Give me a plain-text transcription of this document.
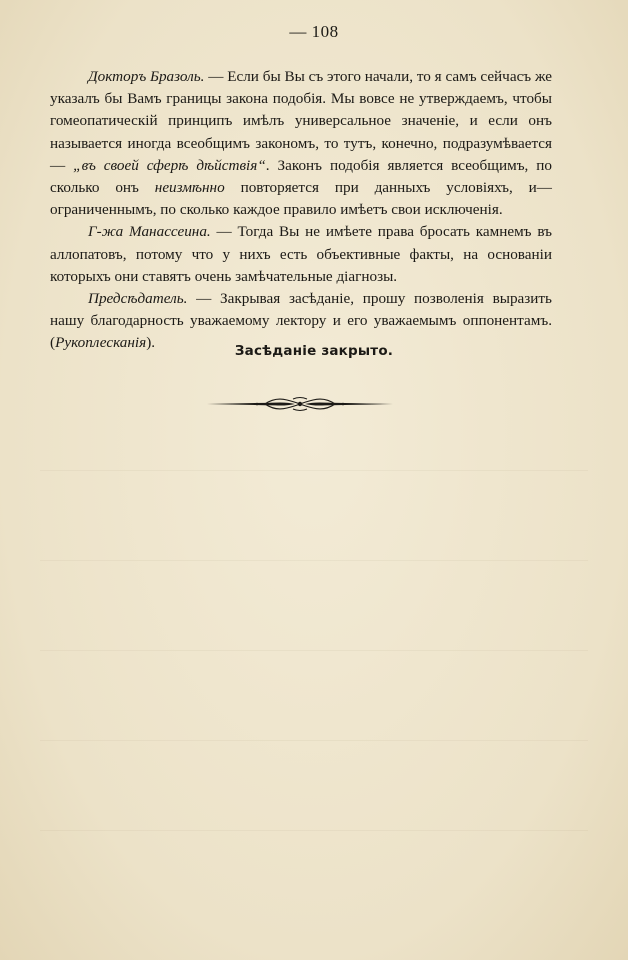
— 108

Докторъ Бразоль. — Если бы Вы съ этого начали, то я самъ сейчасъ же указалъ бы Вамъ границы закона подобія. Мы вовсе не утверждаемъ, чтобы гомеопатическій принципъ имѣлъ универсальное значеніе, и если онъ называется иногда всеобщимъ закономъ, то тутъ, конечно, подразумѣвается — „въ своей сферѣ дѣйствія“. Законъ подобія является всеобщимъ, по сколько онъ неизмѣнно повторяется при данныхъ условіяхъ, и—ограниченнымъ, по сколько каждое правило имѣетъ свои исключенія.

Г-жа Манассеина. — Тогда Вы не имѣете права бросать камнемъ въ аллопатовъ, потому что у нихъ есть объективные факты, на основаніи которыхъ они ставятъ очень замѣчательные діагнозы.

Предсѣдатель. — Закрывая засѣданіе, прошу позволенія выразить нашу благодарность уважаемому лектору и его уважаемымъ оппонентамъ. (Рукоплесканія).	Засѣданіе закрыто.
